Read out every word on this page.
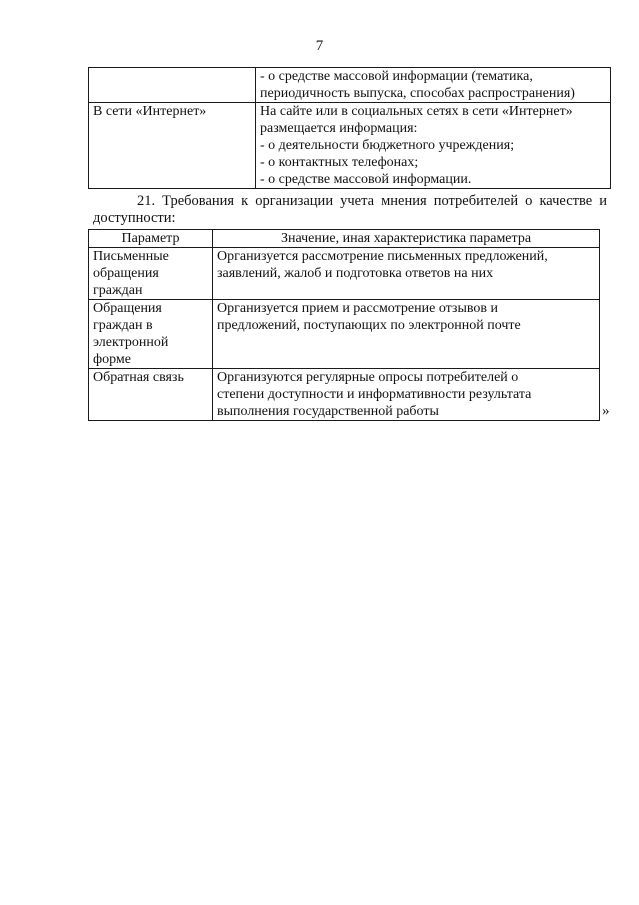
7

	- о средстве массовой информации (тематика,
периодичность выпуска, способах распространения)

В сети «Интернет»	На сайте или в социальных сетях в сети «Интернет»
размещается информация:
- о деятельности бюджетного учреждения;
- о контактных телефонах;
- о средстве массовой информации.
21. Требования к организации учета мнения потребителей о качестве и доступности:
Параметр	Значение, иная характеристика параметра

Письменные
обращения
граждан	Организуется рассмотрение письменных предложений,
заявлений, жалоб и подготовка ответов на них

Обращения
граждан в
электронной
форме	Организуется прием и рассмотрение отзывов и
предложений, поступающих по электронной почте

Обратная связь	Организуются регулярные опросы потребителей о
степени доступности и информативности результата
выполнения государственной работы	»
